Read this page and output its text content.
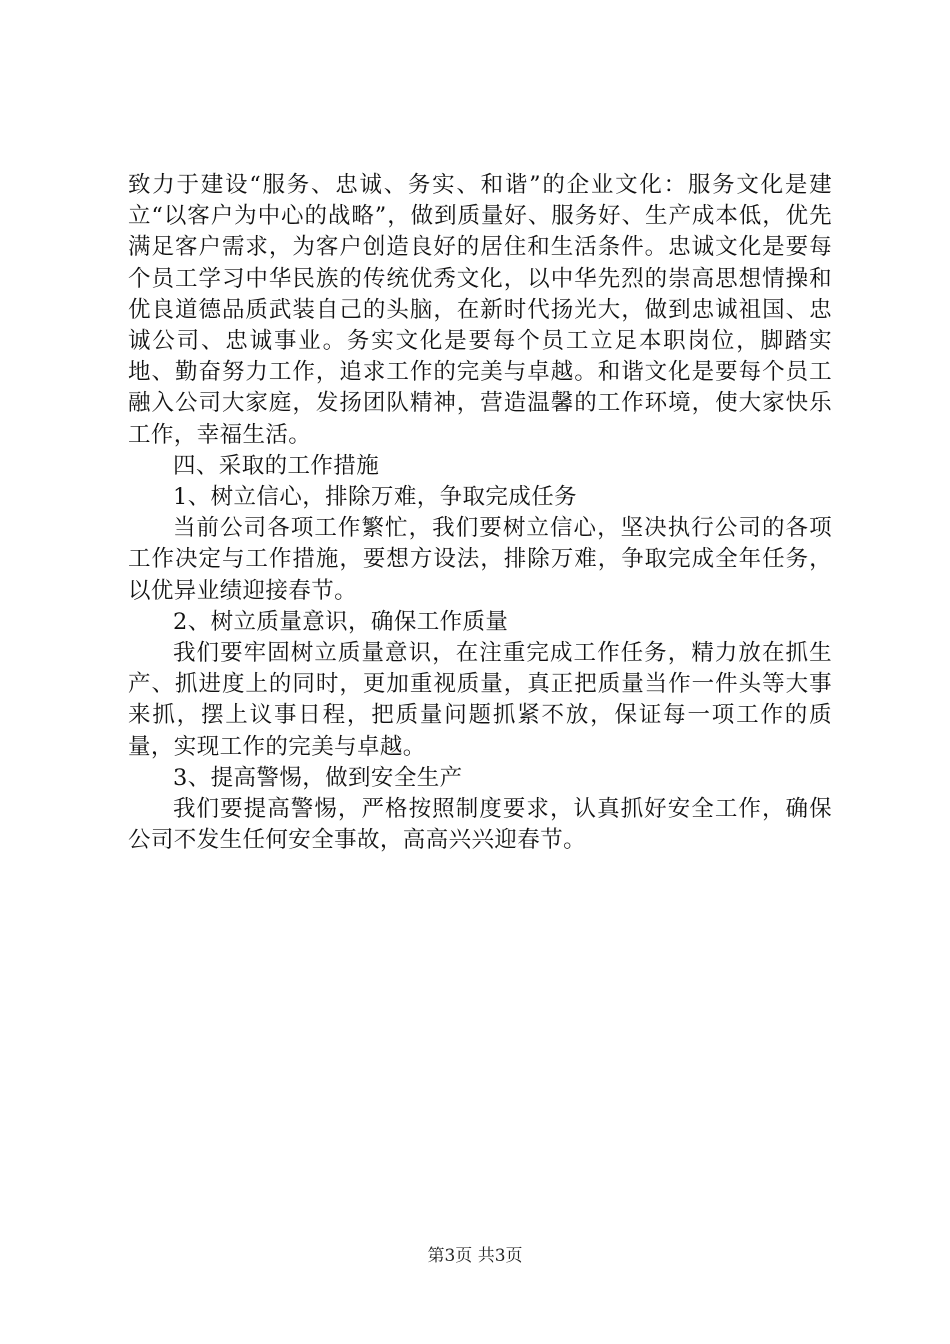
致力于建设“服务、忠诚、务实、和谐”的企业文化：服务文化是建立“以客户为中心的战略”，做到质量好、服务好、生产成本低，优先满足客户需求，为客户创造良好的居住和生活条件。忠诚文化是要每个员工学习中华民族的传统优秀文化，以中华先烈的崇高思想情操和优良道德品质武装自己的头脑，在新时代扬光大，做到忠诚祖国、忠诚公司、忠诚事业。务实文化是要每个员工立足本职岗位，脚踏实地、勤奋努力工作，追求工作的完美与卓越。和谐文化是要每个员工融入公司大家庭，发扬团队精神，营造温馨的工作环境，使大家快乐工作，幸福生活。

四、采取的工作措施

1、树立信心，排除万难，争取完成任务

当前公司各项工作繁忙，我们要树立信心，坚决执行公司的各项工作决定与工作措施，要想方设法，排除万难，争取完成全年任务，以优异业绩迎接春节。

2、树立质量意识，确保工作质量

我们要牢固树立质量意识，在注重完成工作任务，精力放在抓生产、抓进度上的同时，更加重视质量，真正把质量当作一件头等大事来抓，摆上议事日程，把质量问题抓紧不放，保证每一项工作的质量，实现工作的完美与卓越。

3、提高警惕，做到安全生产

我们要提高警惕，严格按照制度要求，认真抓好安全工作，确保公司不发生任何安全事故，高高兴兴迎春节。

第3页 共3页
